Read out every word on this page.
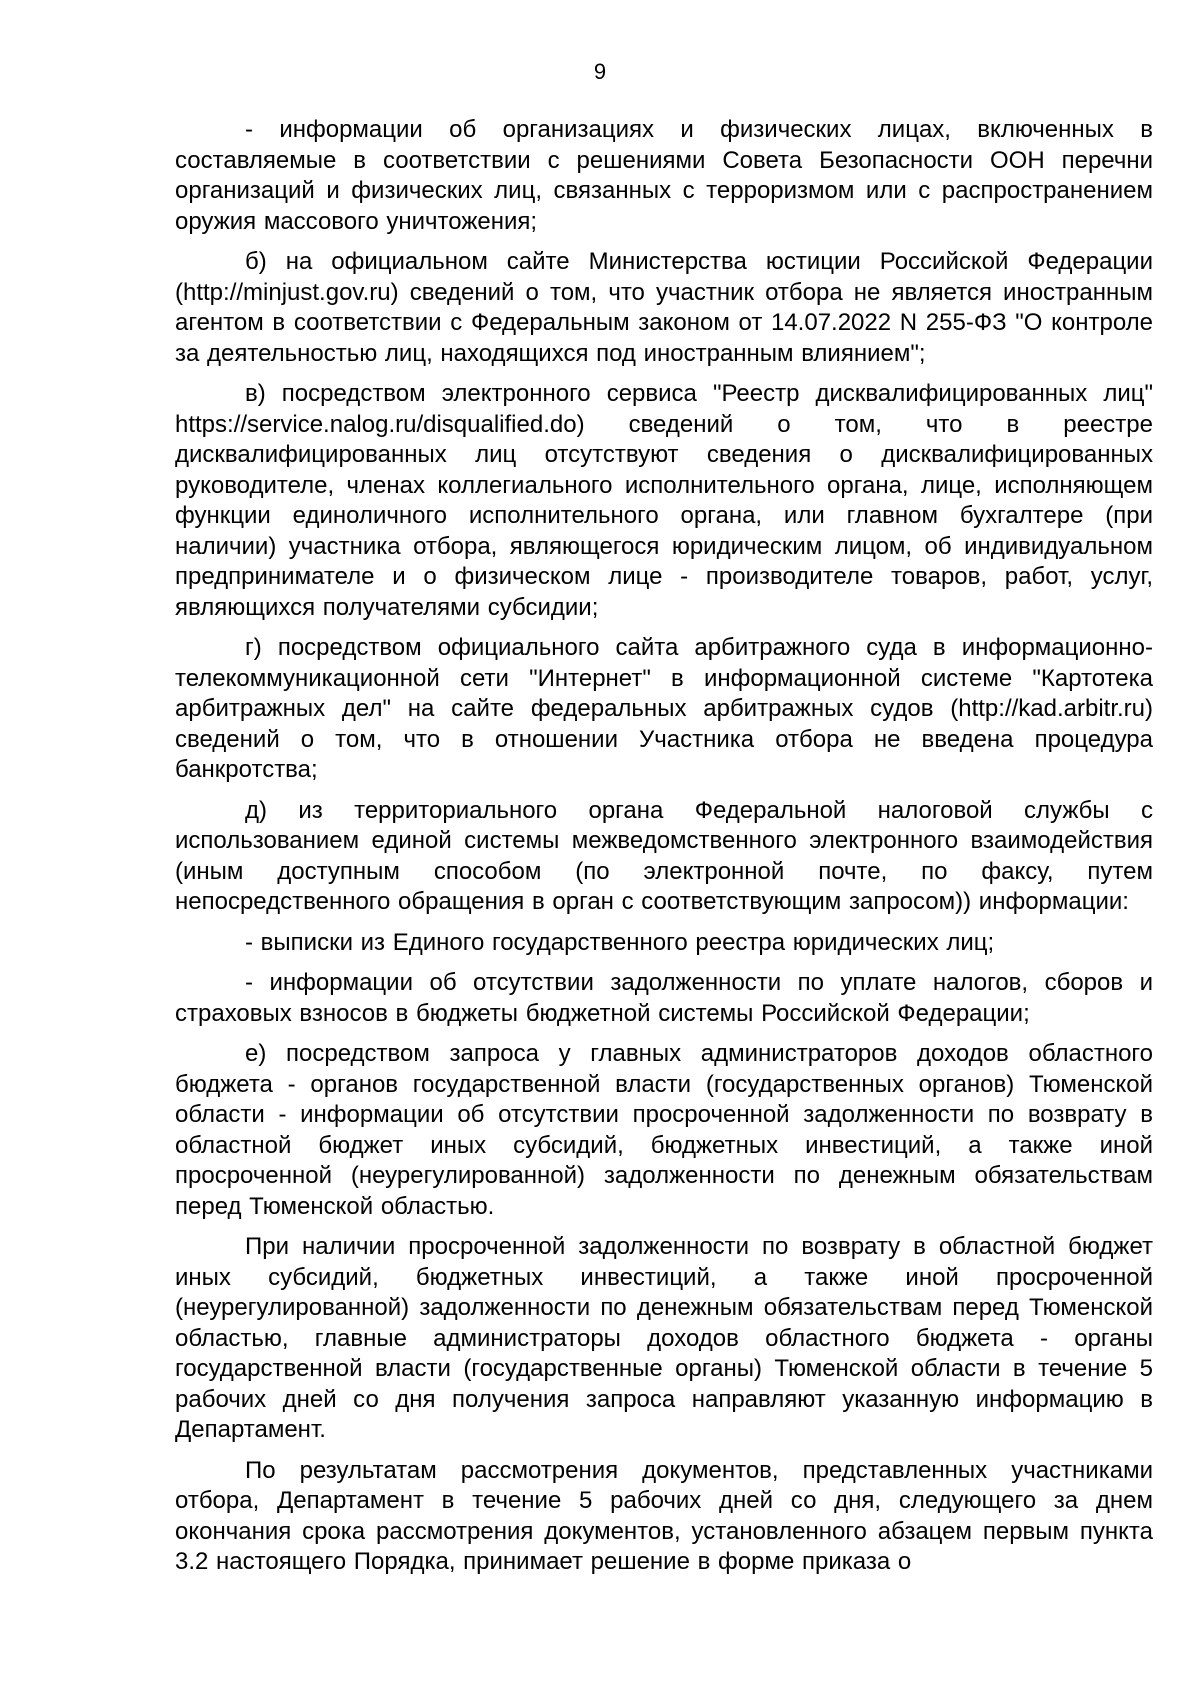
9

- информации об организациях и физических лицах, включенных в составляемые в соответствии с решениями Совета Безопасности ООН перечни организаций и физических лиц, связанных с терроризмом или с распространением оружия массового уничтожения;

б) на официальном сайте Министерства юстиции Российской Федерации (http://minjust.gov.ru) сведений о том, что участник отбора не является иностранным агентом в соответствии с Федеральным законом от 14.07.2022 N 255-ФЗ "О контроле за деятельностью лиц, находящихся под иностранным влиянием";

в) посредством электронного сервиса "Реестр дисквалифицированных лиц" https://service.nalog.ru/disqualified.do) сведений о том, что в реестре дисквалифицированных лиц отсутствуют сведения о дисквалифицированных руководителе, членах коллегиального исполнительного органа, лице, исполняющем функции единоличного исполнительного органа, или главном бухгалтере (при наличии) участника отбора, являющегося юридическим лицом, об индивидуальном предпринимателе и о физическом лице - производителе товаров, работ, услуг, являющихся получателями субсидии;

г) посредством официального сайта арбитражного суда в информационно-телекоммуникационной сети "Интернет" в информационной системе "Картотека арбитражных дел" на сайте федеральных арбитражных судов (http://kad.arbitr.ru) сведений о том, что в отношении Участника отбора не введена процедура банкротства;

д) из территориального органа Федеральной налоговой службы с использованием единой системы межведомственного электронного взаимодействия (иным доступным способом (по электронной почте, по факсу, путем непосредственного обращения в орган с соответствующим запросом)) информации:

- выписки из Единого государственного реестра юридических лиц;

- информации об отсутствии задолженности по уплате налогов, сборов и страховых взносов в бюджеты бюджетной системы Российской Федерации;

е) посредством запроса у главных администраторов доходов областного бюджета - органов государственной власти (государственных органов) Тюменской области - информации об отсутствии просроченной задолженности по возврату в областной бюджет иных субсидий, бюджетных инвестиций, а также иной просроченной (неурегулированной) задолженности по денежным обязательствам перед Тюменской областью.

При наличии просроченной задолженности по возврату в областной бюджет иных субсидий, бюджетных инвестиций, а также иной просроченной (неурегулированной) задолженности по денежным обязательствам перед Тюменской областью, главные администраторы доходов областного бюджета - органы государственной власти (государственные органы) Тюменской области в течение 5 рабочих дней со дня получения запроса направляют указанную информацию в Департамент.

По результатам рассмотрения документов, представленных участниками отбора, Департамент в течение 5 рабочих дней со дня, следующего за днем окончания срока рассмотрения документов, установленного абзацем первым пункта 3.2 настоящего Порядка, принимает решение в форме приказа о
